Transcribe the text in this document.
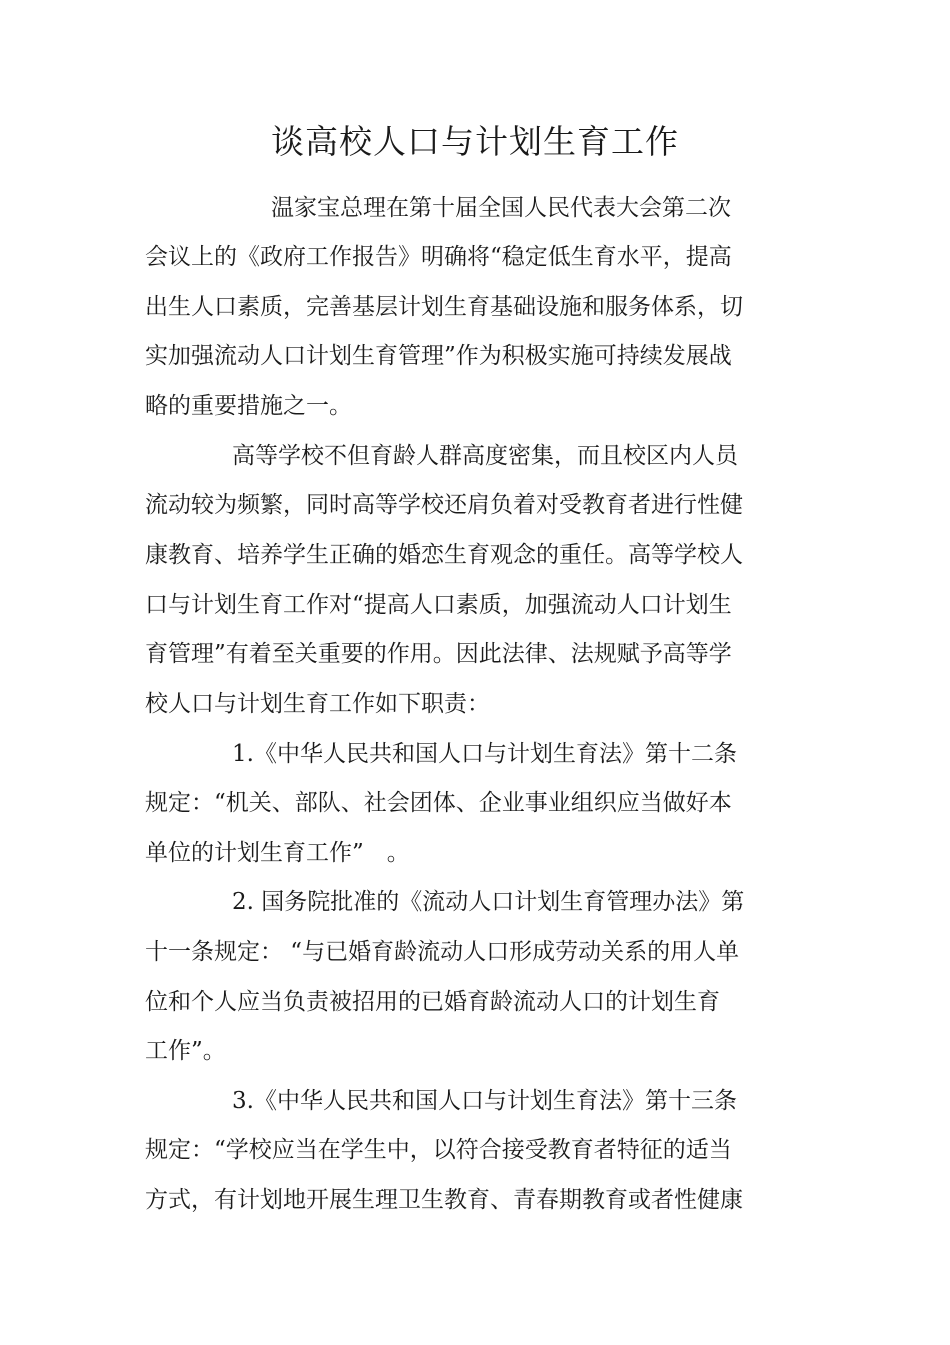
谈高校人口与计划生育工作
温家宝总理在第十届全国人民代表大会第二次
会议上的《政府工作报告》明确将“稳定低生育水平，提高
出生人口素质，完善基层计划生育基础设施和服务体系，切
实加强流动人口计划生育管理”作为积极实施可持续发展战
略的重要措施之一。
高等学校不但育龄人群高度密集，而且校区内人员
流动较为频繁，同时高等学校还肩负着对受教育者进行性健
康教育、培养学生正确的婚恋生育观念的重任。高等学校人
口与计划生育工作对“提高人口素质，加强流动人口计划生
育管理”有着至关重要的作用。因此法律、法规赋予高等学
校人口与计划生育工作如下职责：
1.《中华人民共和国人口与计划生育法》第十二条
规定：“机关、部队、社会团体、企业事业组织应当做好本
单位的计划生育工作”　。
2. 国务院批准的《流动人口计划生育管理办法》第
十一条规定： “与已婚育龄流动人口形成劳动关系的用人单
位和个人应当负责被招用的已婚育龄流动人口的计划生育
工作”。
3.《中华人民共和国人口与计划生育法》第十三条
规定：“学校应当在学生中，以符合接受教育者特征的适当
方式，有计划地开展生理卫生教育、青春期教育或者性健康
